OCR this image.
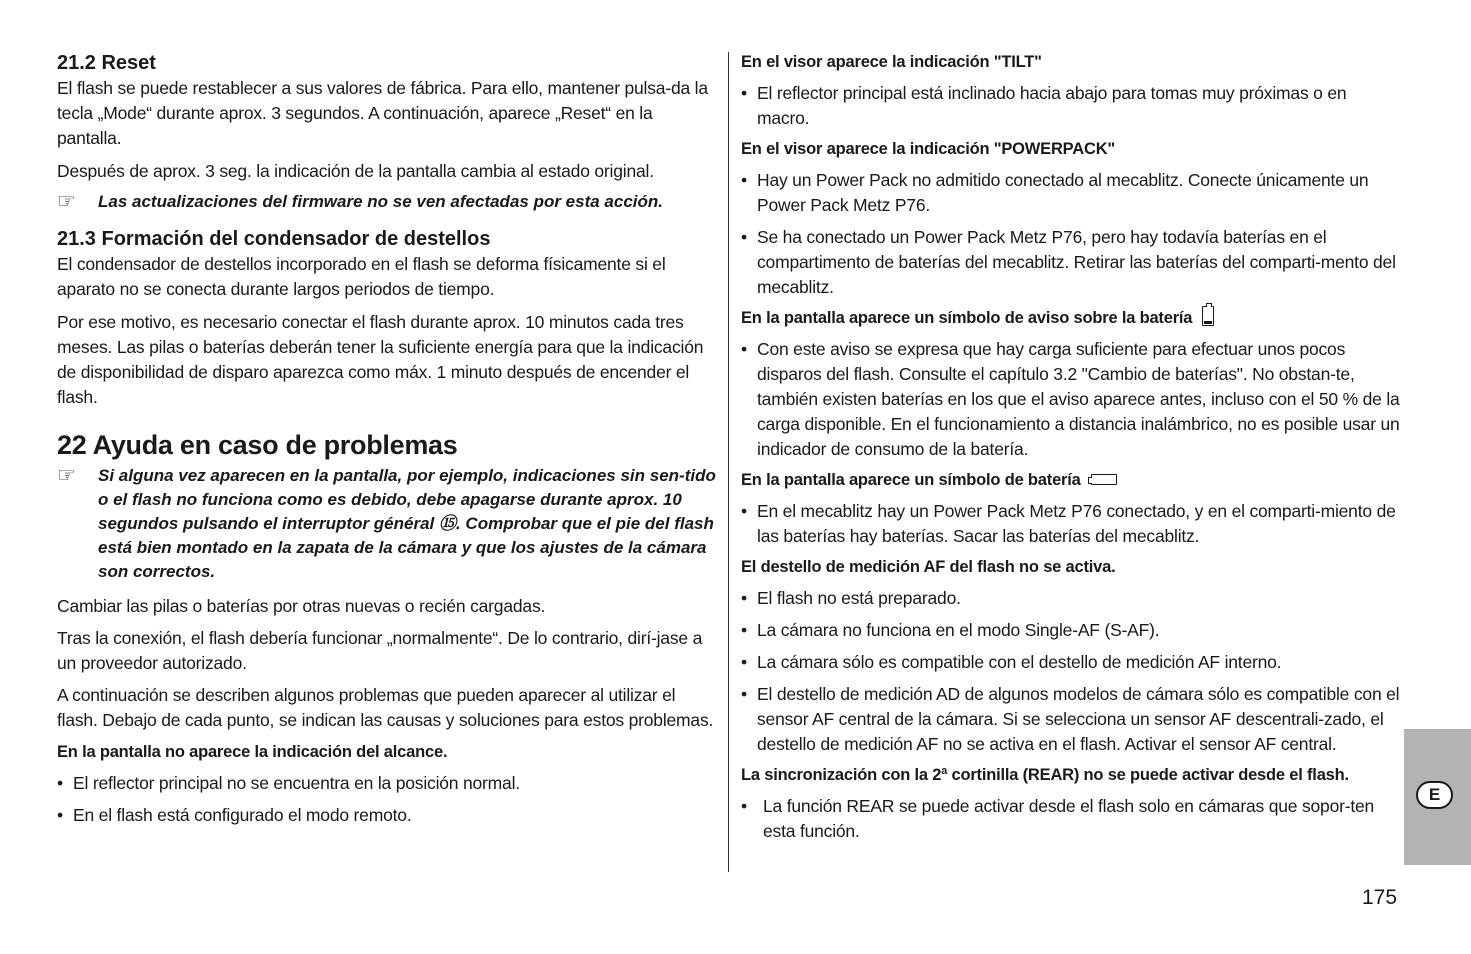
21.2 Reset

El flash se puede restablecer a sus valores de fábrica. Para ello, mantener pulsa-da la tecla „Mode“ durante aprox. 3 segundos. A continuación, aparece „Reset“ en la pantalla.

Después de aprox. 3 seg. la indicación de la pantalla cambia al estado original.

☞ Las actualizaciones del firmware no se ven afectadas por esta acción.
21.3 Formación del condensador de destellos

El condensador de destellos incorporado en el flash se deforma físicamente si el aparato no se conecta durante largos periodos de tiempo.

Por ese motivo, es necesario conectar el flash durante aprox. 10 minutos cada tres meses. Las pilas o baterías deberán tener la suficiente energía para que la indicación de disponibilidad de disparo aparezca como máx. 1 minuto después de encender el flash.

22 Ayuda en caso de problemas
☞ Si alguna vez aparecen en la pantalla, por ejemplo, indicaciones sin sen-tido o el flash no funciona como es debido, debe apagarse durante aprox. 10 segundos pulsando el interruptor général ⑮. Comprobar que el pie del flash está bien montado en la zapata de la cámara y que los ajustes de la cámara son correctos.

Cambiar las pilas o baterías por otras nuevas o recién cargadas.

Tras la conexión, el flash debería funcionar „normalmente“. De lo contrario, dirí-jase a un proveedor autorizado.

A continuación se describen algunos problemas que pueden aparecer al utilizar el flash. Debajo de cada punto, se indican las causas y soluciones para estos problemas.

En la pantalla no aparece la indicación del alcance.
• El reflector principal no se encuentra en la posición normal.
• En el flash está configurado el modo remoto.
En el visor aparece la indicación "TILT"
• El reflector principal está inclinado hacia abajo para tomas muy próximas o en macro.
En el visor aparece la indicación "POWERPACK"
• Hay un Power Pack no admitido conectado al mecablitz. Conecte únicamente un Power Pack Metz P76.
• Se ha conectado un Power Pack Metz P76, pero hay todavía baterías en el compartimento de baterías del mecablitz. Retirar las baterías del comparti-mento del mecablitz.
En la pantalla aparece un símbolo de aviso sobre la batería
• Con este aviso se expresa que hay carga suficiente para efectuar unos pocos disparos del flash. Consulte el capítulo 3.2 "Cambio de baterías". No obstan-te, también existen baterías en los que el aviso aparece antes, incluso con el 50 % de la carga disponible. En el funcionamiento a distancia inalámbrico, no es posible usar un indicador de consumo de la batería.
En la pantalla aparece un símbolo de batería
• En el mecablitz hay un Power Pack Metz P76 conectado, y en el comparti-miento de las baterías hay baterías. Sacar las baterías del mecablitz.
El destello de medición AF del flash no se activa.
• El flash no está preparado.
• La cámara no funciona en el modo Single-AF (S-AF).
• La cámara sólo es compatible con el destello de medición AF interno.
• El destello de medición AD de algunos modelos de cámara sólo es compatible con el sensor AF central de la cámara. Si se selecciona un sensor AF descentrali-zado, el destello de medición AF no se activa en el flash. Activar el sensor AF central.
La sincronización con la 2ª cortinilla (REAR) no se puede activar desde el flash.
• La función REAR se puede activar desde el flash solo en cámaras que sopor-ten esta función.
E
175
